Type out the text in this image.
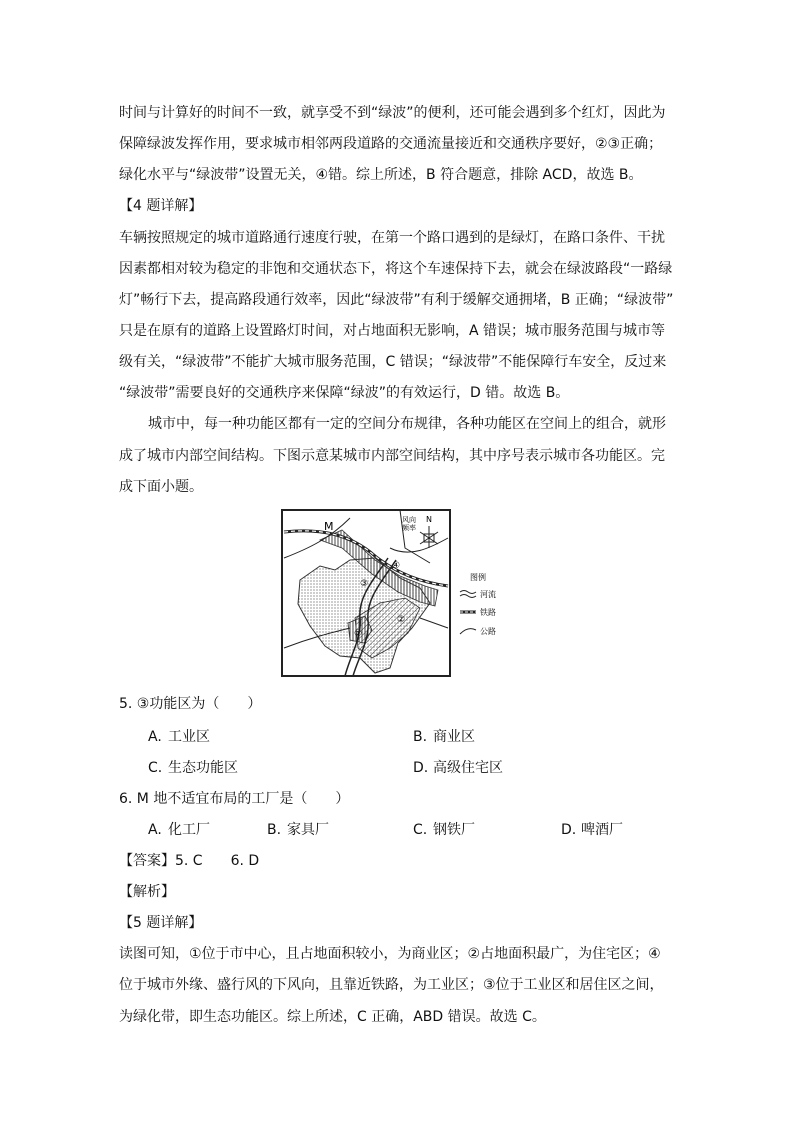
时间与计算好的时间不一致，就享受不到“绿波”的便利，还可能会遇到多个红灯，因此为
保障绿波发挥作用，要求城市相邻两段道路的交通流量接近和交通秩序要好，②③正确；
绿化水平与“绿波带”设置无关，④错。综上所述，B 符合题意，排除 ACD，故选 B。
【4 题详解】
车辆按照规定的城市道路通行速度行驶，在第一个路口遇到的是绿灯，在路口条件、干扰
因素都相对较为稳定的非饱和交通状态下，将这个车速保持下去，就会在绿波路段“一路绿
灯”畅行下去，提高路段通行效率，因此“绿波带”有利于缓解交通拥堵，B 正确；“绿波带”
只是在原有的道路上设置路灯时间，对占地面积无影响，A 错误；城市服务范围与城市等
级有关，“绿波带”不能扩大城市服务范围，C 错误；“绿波带”不能保障行车安全，反过来
“绿波带”需要良好的交通秩序来保障“绿波”的有效运行，D 错。故选 B。
城市中，每一种功能区都有一定的空间分布规律，各种功能区在空间上的组合，就形
成了城市内部空间结构。下图示意某城市内部空间结构，其中序号表示城市各功能区。完
成下面小题。
M	风向
频率
N
④
③
②
①
图例
河流
铁路
公路
5. ③功能区为（　　）
A. 工业区	B. 商业区
C. 生态功能区	D. 高级住宅区
6. M 地不适宜布局的工厂是（　　）
A. 化工厂	B. 家具厂	C. 钢铁厂	D. 啤酒厂
【答案】5. C　　6. D
【解析】
【5 题详解】
读图可知，①位于市中心，且占地面积较小，为商业区；②占地面积最广，为住宅区；④
位于城市外缘、盛行风的下风向，且靠近铁路，为工业区；③位于工业区和居住区之间，
为绿化带，即生态功能区。综上所述，C 正确，ABD 错误。故选 C。
